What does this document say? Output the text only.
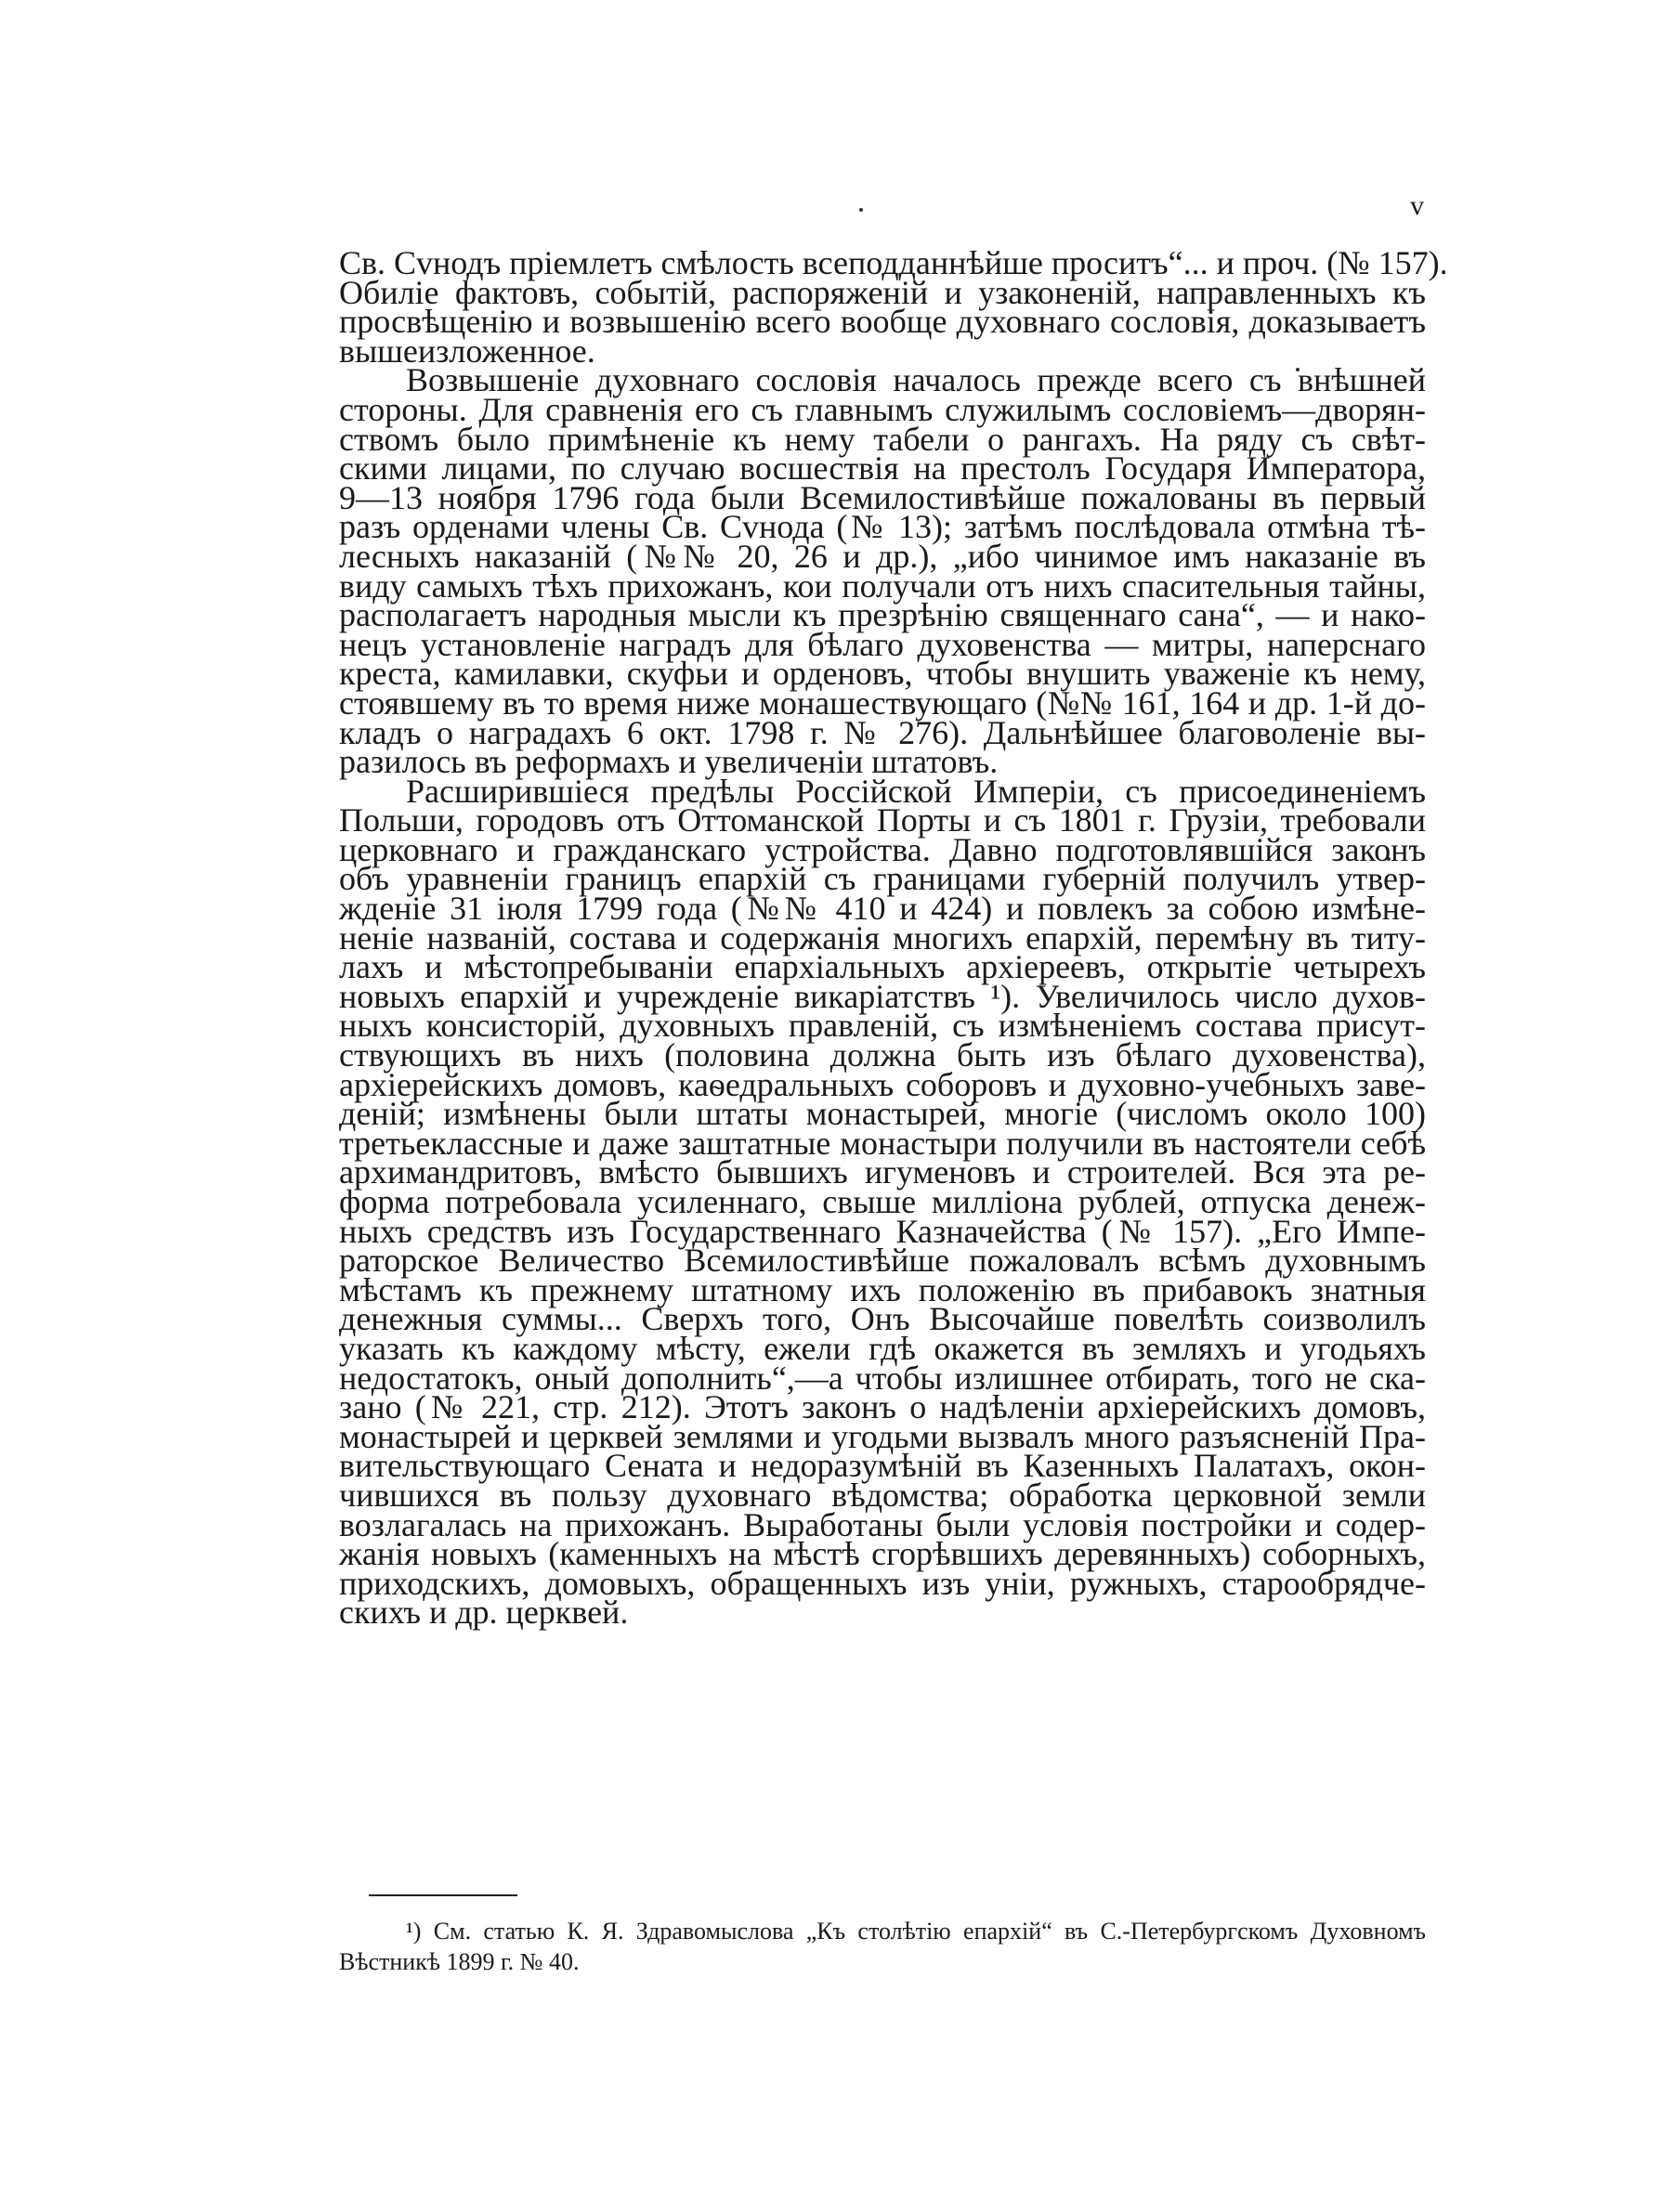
v
Св. Сvнодъ пріемлетъ смѣлость всеподданнѣйше проситъ“... и проч. (№ 157).
Обиліе фактовъ, событій, распоряженій и узаконеній, направленныхъ къ
просвѣщенію и возвышенію всего вообще духовнаго сословія, доказываетъ
вышеизложенное.
Возвышеніе духовнаго сословія началось прежде всего съ внѣшней
стороны. Для сравненія его съ главнымъ служилымъ сословіемъ—дворян-
ствомъ было примѣненіе къ нему табели о рангахъ. На ряду съ свѣт-
скими лицами, по случаю восшествія на престолъ Государя Императора,
9—13 ноября 1796 года были Всемилостивѣйше пожалованы въ первый
разъ орденами члены Св. Сvнода (№ 13); затѣмъ послѣдовала отмѣна тѣ-
лесныхъ наказаній (№№ 20, 26 и др.), „ибо чинимое имъ наказаніе въ
виду самыхъ тѣхъ прихожанъ, кои получали отъ нихъ спасительныя тайны,
располагаетъ народныя мысли къ презрѣнію священнаго сана“, — и нако-
нецъ установленіе наградъ для бѣлаго духовенства — митры, наперснаго
креста, камилавки, скуфьи и орденовъ, чтобы внушить уваженіе къ нему,
стоявшему въ то время ниже монашествующаго (№№ 161, 164 и др. 1-й до-
кладъ о наградахъ 6 окт. 1798 г. № 276). Дальнѣйшее благоволеніе вы-
разилось въ реформахъ и увеличеніи штатовъ.
Расширившіеся предѣлы Россійской Имперіи, съ присоединеніемъ
Польши, городовъ отъ Оттоманской Порты и съ 1801 г. Грузіи, требовали
церковнаго и гражданскаго устройства. Давно подготовлявшійся законъ
объ уравненіи границъ епархій съ границами губерній получилъ утвер-
жденіе 31 іюля 1799 года (№№ 410 и 424) и повлекъ за собою измѣне-
неніе названій, состава и содержанія многихъ епархій, перемѣну въ титу-
лахъ и мѣстопребываніи епархіальныхъ архіереевъ, открытіе четырехъ
новыхъ епархій и учрежденіе викаріатствъ ¹). Увеличилось число духов-
ныхъ консисторій, духовныхъ правленій, съ измѣненіемъ состава присут-
ствующихъ въ нихъ (половина должна быть изъ бѣлаго духовенства),
архіерейскихъ домовъ, каѳедральныхъ соборовъ и духовно-учебныхъ заве-
деній; измѣнены были штаты монастырей, многіе (числомъ около 100)
третьеклассные и даже заштатные монастыри получили въ настоятели себѣ
архимандритовъ, вмѣсто бывшихъ игуменовъ и строителей. Вся эта ре-
форма потребовала усиленнаго, свыше милліона рублей, отпуска денеж-
ныхъ средствъ изъ Государственнаго Казначейства (№ 157). „Его Импе-
раторское Величество Всемилостивѣйше пожаловалъ всѣмъ духовнымъ
мѣстамъ къ прежнему штатному ихъ положенію въ прибавокъ знатныя
денежныя суммы... Сверхъ того, Онъ Высочайше повелѣть соизволилъ
указать къ каждому мѣсту, ежели гдѣ окажется въ земляхъ и угодьяхъ
недостатокъ, оный дополнить“,—а чтобы излишнее отбирать, того не ска-
зано (№ 221, стр. 212). Этотъ законъ о надѣленіи архіерейскихъ домовъ,
монастырей и церквей землями и угодьми вызвалъ много разъясненій Пра-
вительствующаго Сената и недоразумѣній въ Казенныхъ Палатахъ, окон-
чившихся въ пользу духовнаго вѣдомства; обработка церковной земли
возлагалась на прихожанъ. Выработаны были условія постройки и содер-
жанія новыхъ (каменныхъ на мѣстѣ сгорѣвшихъ деревянныхъ) соборныхъ,
приходскихъ, домовыхъ, обращенныхъ изъ уніи, ружныхъ, старообрядче-
скихъ и др. церквей.
¹) См. статью К. Я. Здравомыслова „Къ столѣтію епархій“ въ С.-Петербургскомъ Духовномъ
Вѣстникѣ 1899 г. № 40.
